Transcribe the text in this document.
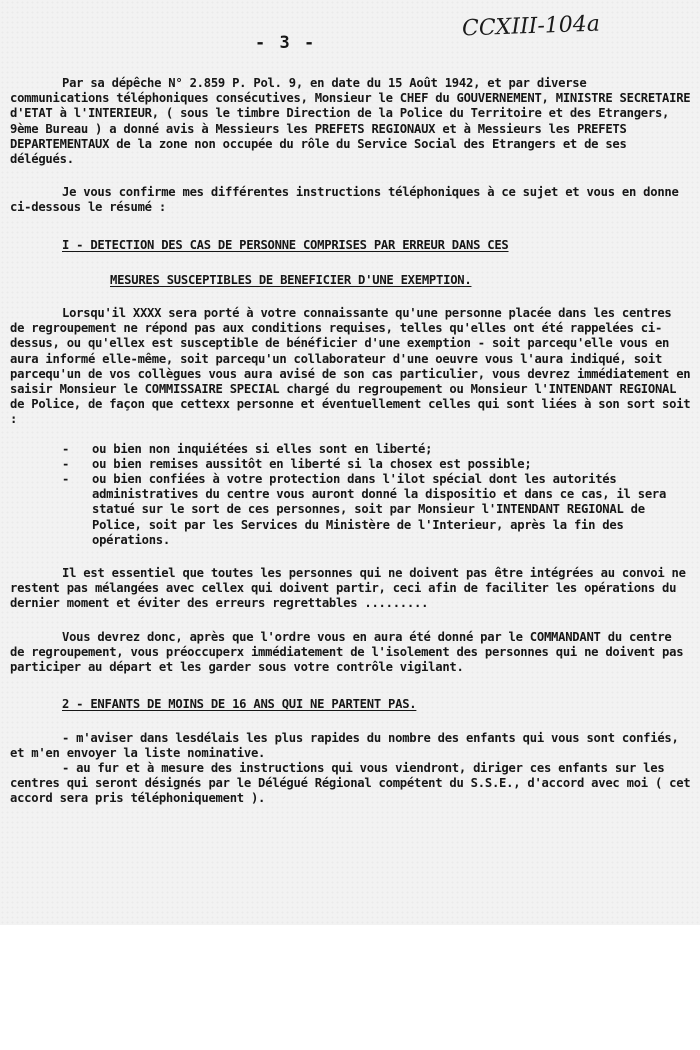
- 3 -

CCXIII-104a

Par sa dépêche N° 2.859 P. Pol. 9, en date du 15 Août 1942, et par diverse communications téléphoniques consécutives, Monsieur le CHEF du GOUVERNEMENT, MINISTRE SECRETAIRE d'ETAT à l'INTERIEUR, ( sous le timbre Direction de la Police du Territoire et des Etrangers, 9ème Bureau ) a donné avis à Messieurs les PREFETS REGIONAUX et à Messieurs les PREFETS DEPARTEMENTAUX de la zone non occupée du rôle du Service Social des Etrangers et de ses délégués.

Je vous confirme mes différentes instructions téléphoniques à ce sujet et vous en donne ci-dessous le résumé :

I - DETECTION DES CAS DE PERSONNE COMPRISES PAR ERREUR DANS CES
MESURES SUSCEPTIBLES DE BENEFICIER D'UNE EXEMPTION.

Lorsqu'il XXXX sera porté à votre connaissante qu'une personne placée dans les centres de regroupement ne répond pas aux conditions requises, telles qu'elles ont été rappelées ci-dessus, ou qu'ellex est susceptible de bénéficier d'une exemption - soit parcequ'elle vous en aura informé elle-même, soit parcequ'un collaborateur d'une oeuvre vous l'aura indiqué, soit parcequ'un de vos collègues vous aura avisé de son cas particulier, vous devrez immédiatement en saisir Monsieur le COMMISSAIRE SPECIAL chargé du regroupement ou Monsieur l'INTENDANT REGIONAL de Police, de façon que cettexx personne et éventuellement celles qui sont liées à son sort soit :

- ou bien non inquiétées si elles sont en liberté;
- ou bien remises aussitôt en liberté si la chosex est possible;
- ou bien confiées à votre protection dans l'ilot spécial dont les autorités administratives du centre vous auront donné la dispositio et dans ce cas, il sera statué sur le sort de ces personnes, soit par Monsieur l'INTENDANT REGIONAL de Police, soit par les Services du Ministère de l'Interieur, après la fin des opérations.

Il est essentiel que toutes les personnes qui ne doivent pas être intégrées au convoi ne restent pas mélangées avec cellex qui doivent partir, ceci afin de faciliter les opérations du dernier moment et éviter des erreurs regrettables .........

Vous devrez donc, après que l'ordre vous en aura été donné par le COMMANDANT du centre de regroupement, vous préoccuperx immédiatement de l'isolement des personnes qui ne doivent pas participer au départ et les garder sous votre contrôle vigilant.

2 - ENFANTS DE MOINS DE 16 ANS QUI NE PARTENT PAS.

- m'aviser dans lesdélais les plus rapides du nombre des enfants qui vous sont confiés, et m'en envoyer la liste nominative.

- au fur et à mesure des instructions qui vous viendront, diriger ces enfants sur les centres qui seront désignés par le Délégué Régional compétent du S.S.E., d'accord avec moi ( cet accord sera pris téléphoniquement ).
